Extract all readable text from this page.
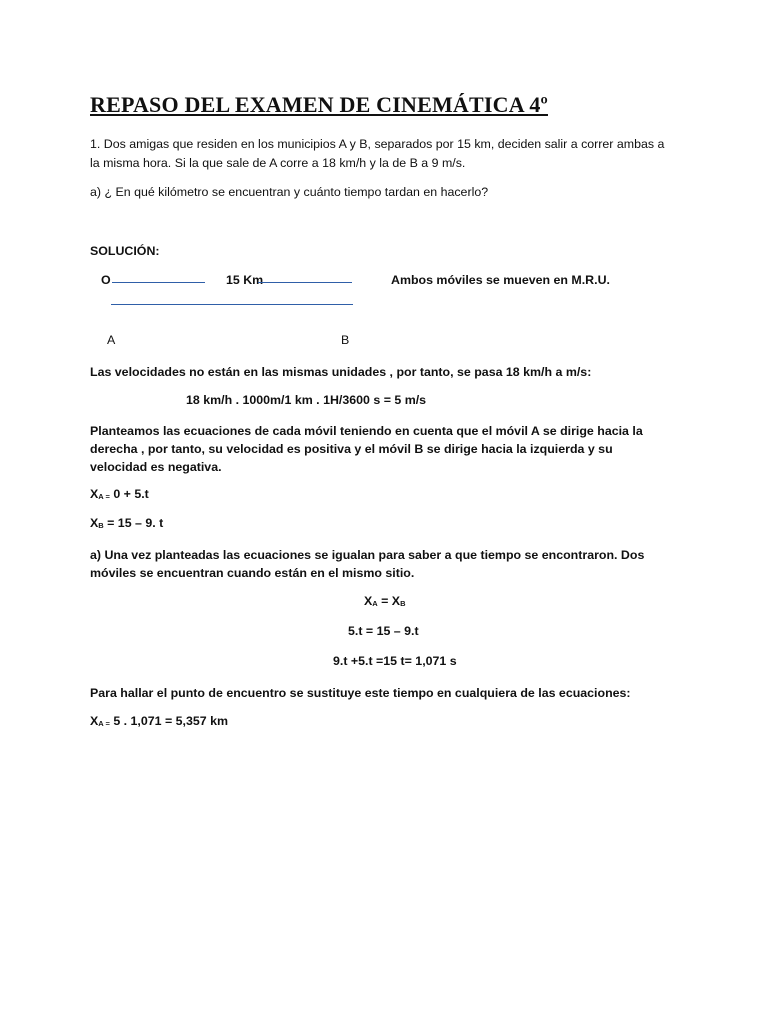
REPASO DEL EXAMEN DE CINEMÁTICA 4º
1. Dos amigas que residen en los municipios A y B, separados por 15 km, deciden salir a correr ambas a
la misma hora. Si la que sale de A corre a 18 km/h y la de B a 9 m/s.
a) ¿ En qué kilómetro se encuentran y cuánto tiempo tardan en hacerlo?
SOLUCIÓN:
O	15 Km	Ambos móviles se mueven en M.R.U.
A	B
Las velocidades no están en las mismas unidades , por tanto, se pasa 18 km/h a m/s:
18 km/h . 1000m/1 km . 1H/3600 s = 5 m/s
Planteamos las ecuaciones de cada móvil teniendo en cuenta que el móvil A se dirige hacia la
derecha , por tanto, su velocidad es positiva y el móvil B se dirige hacia la izquierda y su
velocidad es negativa.
XA = 0 + 5.t
XB = 15 – 9. t
a) Una vez planteadas las ecuaciones se igualan para saber a que tiempo se encontraron. Dos
móviles se encuentran cuando están en el mismo sitio.
XA = XB
5.t = 15 – 9.t
9.t +5.t =15 t= 1,071 s
Para hallar el punto de encuentro se sustituye este tiempo en cualquiera de las ecuaciones:
XA = 5 . 1,071 = 5,357 km
